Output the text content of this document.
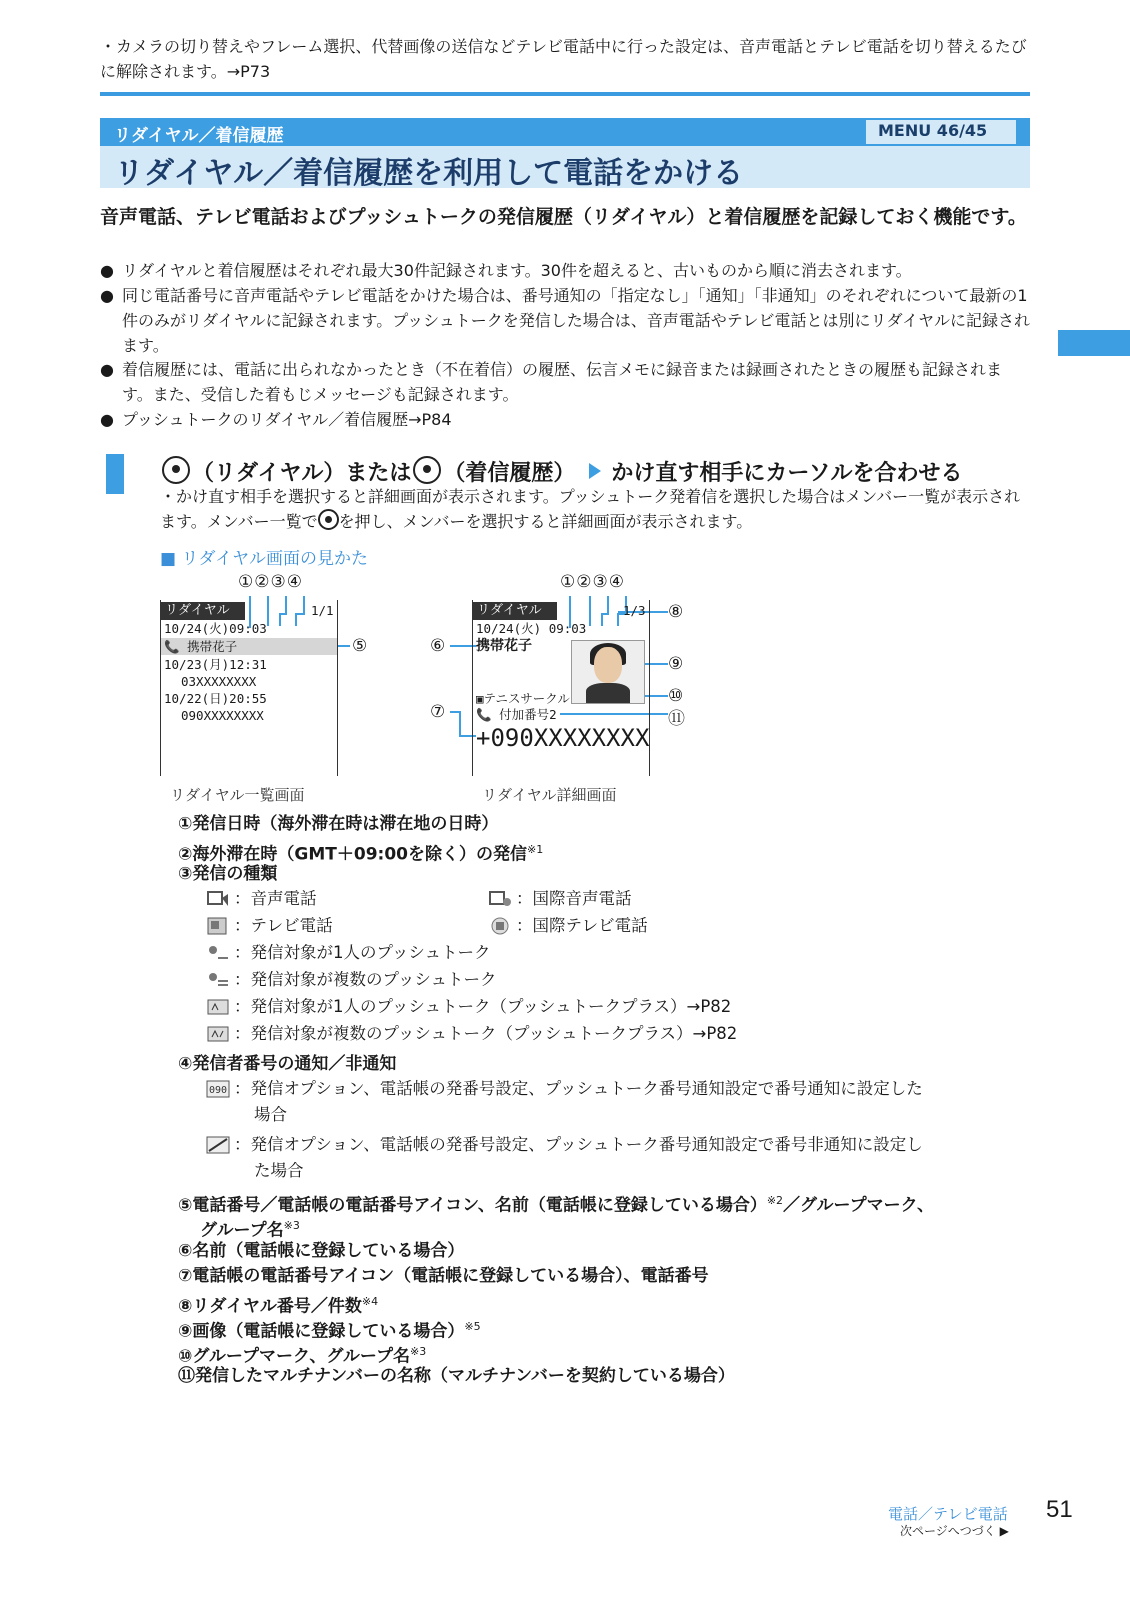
・カメラの切り替えやフレーム選択、代替画像の送信などテレビ電話中に行った設定は、音声電話とテレビ電話を切り替えるたびに解除されます。→P73
リダイヤル／着信履歴	MENU 46/45
リダイヤル／着信履歴を利用して電話をかける
音声電話、テレビ電話およびプッシュトークの発信履歴（リダイヤル）と着信履歴を記録しておく機能です。
● リダイヤルと着信履歴はそれぞれ最大30件記録されます。30件を超えると、古いものから順に消去されます。
● 同じ電話番号に音声電話やテレビ電話をかけた場合は、番号通知の「指定なし」「通知」「非通知」のそれぞれについて最新の1件のみがリダイヤルに記録されます。プッシュトークを発信した場合は、音声電話やテレビ電話とは別にリダイヤルに記録されます。
● 着信履歴には、電話に出られなかったとき（不在着信）の履歴、伝言メモに録音または録画されたときの履歴も記録されます。また、受信した着もじメッセージも記録されます。
● プッシュトークのリダイヤル／着信履歴→P84
（リダイヤル）または （着信履歴） かけ直す相手にカーソルを合わせる
・かけ直す相手を選択すると詳細画面が表示されます。プッシュトーク発着信を選択した場合はメンバー一覧が表示されます。メンバー一覧で を押し、メンバーを選択すると詳細画面が表示されます。
■ リダイヤル画面の見かた
①②③④	①②③④
⑤	⑥
⑦
⑧
⑨
⑩
⑪
リダイヤル	1/1
10/24(火)09:03
📞 携帯花子
10/23(月)12:31
03XXXXXXXX
10/22(日)20:55
090XXXXXXXX
リダイヤル一覧画面
リダイヤル	1/3
10/24(火) 09:03
携帯花子
▣テニスサークル
📞 付加番号2
+090XXXXXXXX
リダイヤル詳細画面
①発信日時（海外滞在時は滞在地の日時）
②海外滞在時（GMT＋09:00を除く）の発信$^{※1}$
③発信の種類
：音声電話	：国際音声電話
：テレビ電話	：国際テレビ電話
：発信対象が1人のプッシュトーク
：発信対象が複数のプッシュトーク
：発信対象が1人のプッシュトーク（プッシュトークプラス）→P82
：発信対象が複数のプッシュトーク（プッシュトークプラス）→P82
④発信者番号の通知／非通知
090 ：発信オプション、電話帳の発番号設定、プッシュトーク番号通知設定で番号通知に設定した
場合
：発信オプション、電話帳の発番号設定、プッシュトーク番号通知設定で番号非通知に設定し
た場合
⑤電話番号／電話帳の電話番号アイコン、名前（電話帳に登録している場合）$^{※2}$／グループマーク、
グループ名$^{※3}$
⑥名前（電話帳に登録している場合）
⑦電話帳の電話番号アイコン（電話帳に登録している場合）、電話番号
⑧リダイヤル番号／件数$^{※4}$
⑨画像（電話帳に登録している場合）$^{※5}$
⑩グループマーク、グループ名$^{※3}$
⑪発信したマルチナンバーの名称（マルチナンバーを契約している場合）
電話／テレビ電話
次ページへつづく ▶
51
